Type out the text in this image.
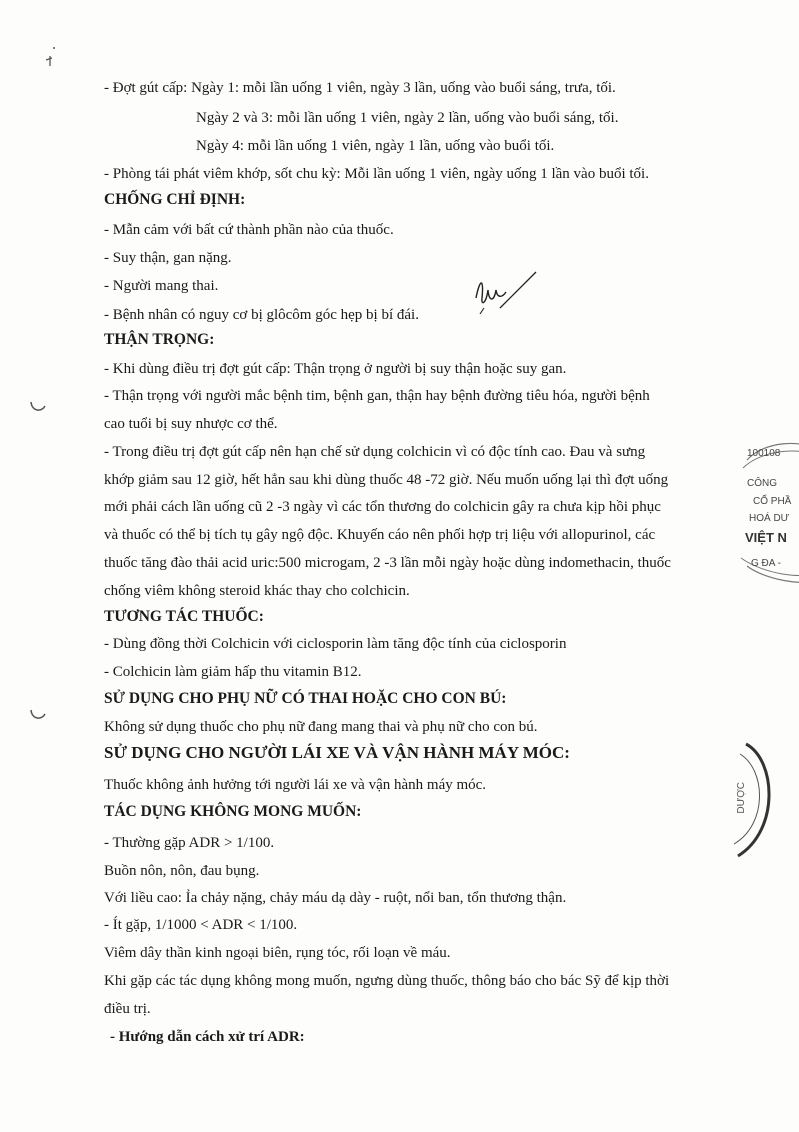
- Đợt gút cấp: Ngày 1: mỗi lần uống 1 viên, ngày 3 lần, uống vào buổi sáng, trưa, tối.
Ngày 2 và 3: mỗi lần uống 1 viên, ngày 2 lần, uống vào buổi sáng, tối.
Ngày 4: mỗi lần uống 1 viên, ngày 1 lần, uống vào buổi tối.
- Phòng tái phát viêm khớp, sốt chu kỳ: Mỗi lần uống 1 viên, ngày uống 1 lần vào buổi tối.
CHỐNG CHỈ ĐỊNH:
- Mẫn cảm với bất cứ thành phần nào của thuốc.
- Suy thận, gan nặng.
- Người mang thai.
- Bệnh nhân có nguy cơ bị glôcôm góc hẹp bị bí đái.
THẬN TRỌNG:
- Khi dùng điều trị đợt gút cấp: Thận trọng ở người bị suy thận hoặc suy gan.
- Thận trọng với người mắc bệnh tim, bệnh gan, thận hay bệnh đường tiêu hóa, người bệnh
cao tuổi bị suy nhược cơ thể.
- Trong điều trị đợt gút cấp nên hạn chế sử dụng colchicin vì có độc tính cao. Đau và sưng
khớp giảm sau 12 giờ, hết hẳn sau khi dùng thuốc 48 -72 giờ. Nếu muốn uống lại thì đợt uống
mới phải cách lần uống cũ 2 -3 ngày vì các tổn thương do colchicin gây ra chưa kịp hồi phục
và thuốc có thể bị tích tụ gây ngộ độc. Khuyến cáo nên phối hợp trị liệu với allopurinol, các
thuốc tăng đào thải acid uric:500 microgam, 2 -3 lần mỗi ngày hoặc dùng indomethacin, thuốc
chống viêm không steroid khác thay cho colchicin.
TƯƠNG TÁC THUỐC:
- Dùng đồng thời Colchicin với ciclosporin làm tăng độc tính của ciclosporin
- Colchicin làm giảm hấp thu vitamin B12.
SỬ DỤNG CHO PHỤ NỮ CÓ THAI HOẶC CHO CON BÚ:
Không sử dụng thuốc cho phụ nữ đang mang thai và phụ nữ cho con bú.
SỬ DỤNG CHO NGƯỜI LÁI XE VÀ VẬN HÀNH MÁY MÓC:
Thuốc không ảnh hưởng tới người lái xe và vận hành máy móc.
TÁC DỤNG KHÔNG MONG MUỐN:
- Thường gặp ADR > 1/100.
Buồn nôn, nôn, đau bụng.
Với liều cao: Ỉa chảy nặng, chảy máu dạ dày - ruột, nổi ban, tổn thương thận.
- Ít gặp, 1/1000 < ADR < 1/100.
Viêm dây thần kinh ngoại biên, rụng tóc, rối loạn về máu.
Khi gặp các tác dụng không mong muốn, ngưng dùng thuốc, thông báo cho bác Sỹ để kịp thời
điều trị.
- Hướng dẫn cách xử trí ADR:
100108
CÔNG
CỔ PHẦ
HOÁ DƯ
VIỆT N
G ĐA -
DƯỢC
